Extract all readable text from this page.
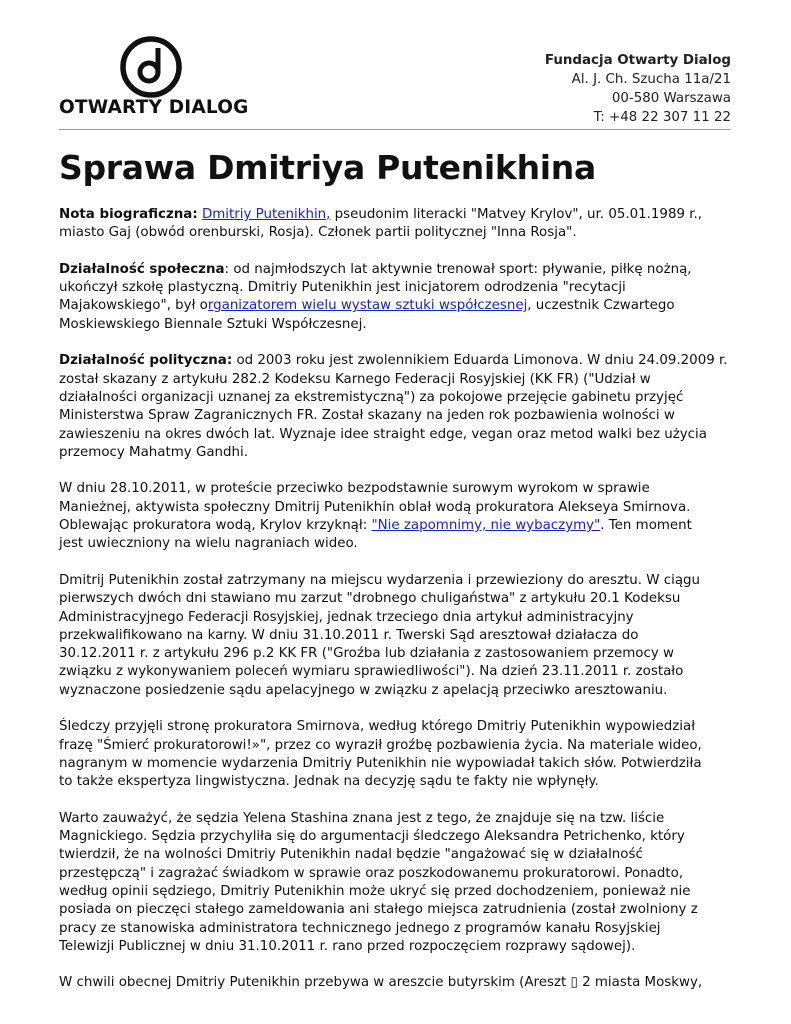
OTWARTY DIALOG
Fundacja Otwarty Dialog
Al. J. Ch. Szucha 11a/21
00-580 Warszawa
T: +48 22 307 11 22
Sprawa Dmitriya Putenikhina

Nota biograficzna: Dmitriy Putenikhin, pseudonim literacki "Matvey Krylov", ur. 05.01.1989 r.,
miasto Gaj (obwód orenburski, Rosja). Członek partii politycznej "Inna Rosja".

Działalność społeczna: od najmłodszych lat aktywnie trenował sport: pływanie, piłkę nożną,
ukończył szkołę plastyczną. Dmitriy Putenikhin jest inicjatorem odrodzenia "recytacji
Majakowskiego", był organizatorem wielu wystaw sztuki współczesnej, uczestnik Czwartego
Moskiewskiego Biennale Sztuki Współczesnej.

Działalność polityczna: od 2003 roku jest zwolennikiem Eduarda Limonova. W dniu 24.09.2009 r.
został skazany z artykułu 282.2 Kodeksu Karnego Federacji Rosyjskiej (KK FR) ("Udział w
działalności organizacji uznanej za ekstremistyczną") za pokojowe przejęcie gabinetu przyjęć
Ministerstwa Spraw Zagranicznych FR. Został skazany na jeden rok pozbawienia wolności w
zawieszeniu na okres dwóch lat. Wyznaje idee straight edge, vegan oraz metod walki bez użycia
przemocy Mahatmy Gandhi.

W dniu 28.10.2011, w proteście przeciwko bezpodstawnie surowym wyrokom w sprawie
Manieżnej, aktywista społeczny Dmitrij Putenikhin oblał wodą prokuratora Alekseya Smirnova.
Oblewając prokuratora wodą, Krylov krzyknął: "Nie zapomnimy, nie wybaczymy". Ten moment
jest uwieczniony na wielu nagraniach wideo.

Dmitrij Putenikhin został zatrzymany na miejscu wydarzenia i przewieziony do aresztu. W ciągu
pierwszych dwóch dni stawiano mu zarzut "drobnego chuligaństwa" z artykułu 20.1 Kodeksu
Administracyjnego Federacji Rosyjskiej, jednak trzeciego dnia artykuł administracyjny
przekwalifikowano na karny. W dniu 31.10.2011 r. Twerski Sąd aresztował działacza do
30.12.2011 r. z artykułu 296 p.2 KK FR ("Groźba lub działania z zastosowaniem przemocy w
związku z wykonywaniem poleceń wymiaru sprawiedliwości"). Na dzień 23.11.2011 r. zostało
wyznaczone posiedzenie sądu apelacyjnego w związku z apelacją przeciwko aresztowaniu.

Śledczy przyjęli stronę prokuratora Smirnova, według którego Dmitriy Putenikhin wypowiedział
frazę "Śmierć prokuratorowi!»", przez co wyraził groźbę pozbawienia życia. Na materiale wideo,
nagranym w momencie wydarzenia Dmitriy Putenikhin nie wypowiadał takich słów. Potwierdziła
to także ekspertyza lingwistyczna. Jednak na decyzję sądu te fakty nie wpłynęły.

Warto zauważyć, że sędzia Yelena Stashina znana jest z tego, że znajduje się na tzw. liście
Magnickiego. Sędzia przychyliła się do argumentacji śledczego Aleksandra Petrichenko, który
twierdził, że na wolności Dmitriy Putenikhin nadal będzie "angażować się w działalność
przestępczą" i zagrażać świadkom w sprawie oraz poszkodowanemu prokuratorowi. Ponadto,
według opinii sędziego, Dmitriy Putenikhin może ukryć się przed dochodzeniem, ponieważ nie
posiada on pieczęci stałego zameldowania ani stałego miejsca zatrudnienia (został zwolniony z
pracy ze stanowiska administratora technicznego jednego z programów kanału Rosyjskiej
Telewizji Publicznej w dniu 31.10.2011 r. rano przed rozpoczęciem rozprawy sądowej).

W chwili obecnej Dmitriy Putenikhin przebywa w areszcie butyrskim (Areszt ▯ 2 miasta Moskwy,
